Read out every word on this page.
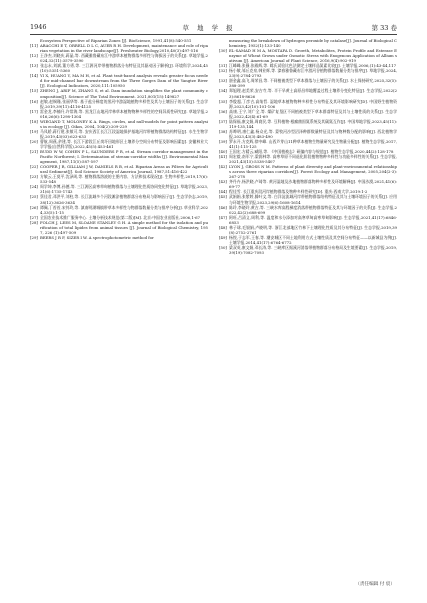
1946	草 地 学 报	第 33 卷
Ecosystem Perspective of Riparian Zones [J]. BioScience, 1991,41(8):540-551
[11] ABACCHI E T, ORRELL D L C, AUER R H. Development, maintenance and role of riparian vegetation in the river landscape[J]. Freshwater Biology,2010,40(3):497-516
[12] 王净杰,刘晓庆,蒋晶,等. 西藏雅鲁藏布江中游草本植物群落多样性与海拔因子的关系[J]. 草地学报,2024,32(11):3579-3590
[13] 张志永,刘斌,董方勇,等. 三江源河岸带植物群落分布特征及其驱动因子解析[J]. 环境科学,2024,45(10):5351-5360
[14] YI X, HUANG Y, MA M H, et al. Plant trait-based analysis reveals greater focus needed for mid-channel bar downstream from the Three Gorges Dam of the Yangtze River[J]. Ecological Indicators, 2020,111:105950
[15] ZHENG J, ARIF M, ZHANG S, et al. Dam inundation simplifies the plant community composition[J]. Science of The Total Environment. 2021,801(15):149827
[16] 赵敏,赵铜瑾,张丽华等. 基于盐分梯度的黑河中游湿地植物多样性及其与土壤因子的关系[J]. 生态学报,2019,39(11):4116-4125
[17] 雷金龙,李楠升,许常海,等. 黑龙江山地河岸林草本植物物种多样性的空间异质性研究[J]. 草地学报,2016,26(6):1298-1304
[18] WIEGAND T, MOLONEY K A. Rings, circles, and null-models for point pattern analysis in ecology [J]. Oikos, 2004, 104(2):209-229
[19] 马凤娇,蒋行建,张敏可,等. 安庆西江长江江段湿地保护基地河岸带植物群落结构特征[J]. 水生生物学报,2019,43(03):623-633
[20] 曹航,周燕,余建,等. 长江下游段江丘岗圩田地形区土壤养分空间分布特征及影响因素[J]. 安徽林业大学学报(自然科学版),2022,45(5):453-461
[21] BUDD W W, COHEN P L, SAUNDERS P R, et al. Stream corridor management in the Pacific Northwest; I. Determination of stream-corridor widths [J]. Environmental Management, 1987,11(5):587-597
[22] COOPER J R, GILLIAM J W, DANIELS R B, et al. Riparian Areas as Filters for Agricultural Sediment[J]. Soil Science Society of America Journal, 1987,51:416-422
[23] 方敏云,王莫平,沈泽周,等. 植物群落溶液的主要内容、方法和技术现况[J]. 生物多样性,2019,17(6):533-548
[24] 周学坤,李博,孙德,等. 三江源区高寒草甸植物群落与土壤理化性质协同变化特征[J]. 草地学报,2023,31(6):1735-1743
[25] 蔡佳君,邓洪平,刘柱,等. 长江流域多个河段滩涂植物群落分布格局与影响因子[J]. 生态学杂志,2019,38(12):3626-3634
[26] 谭佩,丁苔苔,宋钊玲,等. 滇南明湖城镇带草本多样性与物群落数量分类与排序分析[J]. 草业科学,2024,33(5):1-15
[27] 全国农业技术推广服务中心. 土壤分析技术规范(第二版)[M]. 北京:中国农业出版社,2006,1-67
[28] FOLCH J, LEES M, SLOANE STANLEY G H. A simple method for the isolation and purification of total lipides from animal tissues [J]. Journal of Biological Chemistry, 1957, 226 (1):497-509
[29] BEERS J R F, SIZER I W. A spectrophotometric method for
measuring the breakdown of hydrogen peroxide by catalase[J]. Journal of Biological Chemistry, 1952(1):133-140
[30] EL-SAMAD H M A, MOSTAFA D. Growth, Metabolites, Protein Profile and Esterase Enzyme of Wheat Grown under Osmotic Stress with Exogenous Application of Allium sativum [J]. American Journal of Plant Science, 2016,9(4):902-919
[31] 江峰峰,张静,张殿辉,等. 嫦氏试验比色法测定土壤样品氮素比较[J]. 土壤学报,2006,(1):43-44,117
[32] 杨小敏,邹丘克泉,韩业辉,等. 滦春雅鲁藏布江中游河谷植物群落数量分类与排序[J]. 草地学报,2024,23(9):2784-2793
[33] 谌金鑫,高飞,周荣昌,等. 不同植被类型下草本群落与土壤因子的关系[J]. 水土保持研究,2025,32(5):388-399
[34] 郑旭理,赵美荣,安吉寺,等. 半干旱黄土高原昌草地覆盖过程土壤养分变化特征[J]. 生态学报,2022(23):8618-8626
[35] 李俊超,丁彦吉,高灿哲. 湿地草本植物物种多样性分布特征及其环境影响研究[D]. 中国野生植物资源,2023,42(10):101-106
[36] 高康,王宁,刘广全,等. 煤矿复垦区不同植被类型下草本群落特征及其与土壤性质的关系[J]. 生态学报,2022,42(4):61-69
[37] 陆保福,康文娟,周商民,等. 豆科植物-根瘤菌固氮系统及其碳氮互作[J]. 中国草地学报,2023,45(11):119-135,144
[38] 苏晔明,康仁鑫,杨众光,等. 蒙牧河沙型沼泽种群数量特征及其与物种数分配的影响[J]. 西北植物学报,2023,43(3):483-490
[39] 罗永开,方克辉,徐中峰. 山西芦芽山11种草本植物生物量研究及生物量分配[J]. 植物生态学报,2017,41(1):115-125
[40] 王国宏,方精云,臧阳,等. 《中国植被志》研编内容与规范[J]. 植物生态学报,2020,44(2):128-178
[41] 周宏毅,南军宁,梁润林等. 高寒草原不同退化阶段植物物种多样性与功能多样性的关系[J]. 生态学报,2021,43(15):5338-5407
[42] LYON J, GROSS N M. Patterns of plant diversity and plant-environmental relationships across three riparian corridors[J]. Forest Ecology and Management, 2005,204(2-3):267-278
[43] 齐丹卉,杨洪晓,卢琦等. 黄河湿地及沙地植物群落物种多样性及环境解释[J]. 中国沙漠,2021,41(6):69-77
[44] 程佳雪. 长江重庆段河岸植物群落及物种多样性研究[D]. 重庆:西南大学,2019:1-2
[45] 武娟娟,张紫婷,滕叶文,等. 白洋淀流域河岸带植物群落结构特征及其与土壤环境因子的关系[J]. 应用与环境生物学报,2023,29(6):1608-1614
[46] 陈玲,李晓玲,黄吉,等. 三峡水库高程梯度消落带植物群落特征及其与环境因子的关系[J]. 生态学报,2022,42(2):688-699
[47] 阿旺,吕清义,周利,等. 温度和水分添加对高寒草甸高寒草甸影响[J]. 生态学报,2021,41(17):6846-6853
[48] 林子球,毛银娟,卢晓明,等. 浙江北部地区竹林下土壤理化性质及其分布特征[J]. 生态学报,2019,39(8):2752-2761
[49] 杨悦,于志军,王春,等. 潮安城区不同土地利用方式土壤性质及其空间分布特征——以新城县为例[J]. 土壤学报,2014,41(17):6764-6772
[50] 梁双英,康文娟,邓长涛,等. 三峡库区据溪河消落带植物群落分布格局及生境要素[J]. 生态学报,2019,39(19):7082-7093
（责任编辑 付 宸）
